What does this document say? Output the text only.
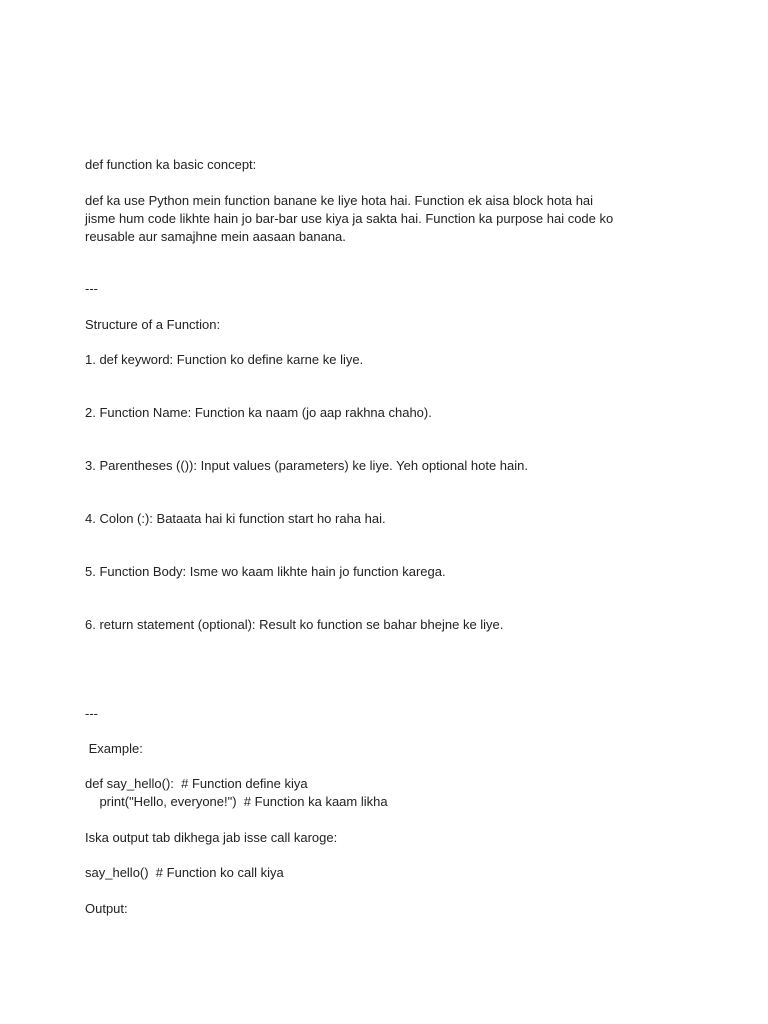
def function ka basic concept:

def ka use Python mein function banane ke liye hota hai. Function ek aisa block hota hai
jisme hum code likhte hain jo bar-bar use kiya ja sakta hai. Function ka purpose hai code ko
reusable aur samajhne mein aasaan banana.

---

Structure of a Function:

1. def keyword: Function ko define karne ke liye.

2. Function Name: Function ka naam (jo aap rakhna chaho).

3. Parentheses (()): Input values (parameters) ke liye. Yeh optional hote hain.

4. Colon (:): Bataata hai ki function start ho raha hai.

5. Function Body: Isme wo kaam likhte hain jo function karega.

6. return statement (optional): Result ko function se bahar bhejne ke liye.

---

Example:

def say_hello():  # Function define kiya
print("Hello, everyone!")  # Function ka kaam likha

Iska output tab dikhega jab isse call karoge:

say_hello()  # Function ko call kiya

Output:
